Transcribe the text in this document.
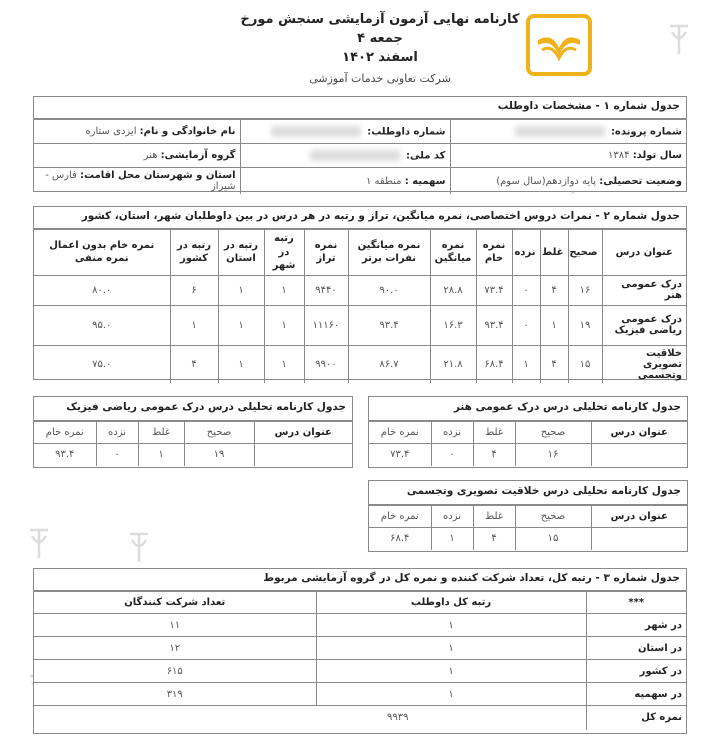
کارنامه نهایی آزمون آزمایشی سنجش مورخ جمعه ۴
اسفند ۱۴۰۲
شرکت تعاونی خدمات آموزشی
جدول شماره ۱ - مشخصات داوطلب
شماره پرونده:	شماره داوطلب:	نام خانوادگی و نام: ایزدی ستاره
سال تولد: ۱۳۸۴	کد ملی:	گروه آزمایشی: هنر
وضعیت تحصیلی: پایه دوازدهم(سال سوم)	سهمیه : منطقه ۱	استان و شهرستان محل اقامت: فارس - شیراز
جدول شماره ۲ - نمرات دروس اختصاصی، نمره میانگین، تراز و رتبه در هر درس در بین داوطلبان شهر، استان، کشور
عنوان درس	صحیح	غلط	نزده	نمره خام	نمره میانگین	نمره میانگین نفرات برتر	نمره تراز	رتبه در شهر	رتبه در استان	رتبه در کشور	نمره خام بدون اعمال نمره منفی
درک عمومی هنر	۱۶	۴	۰	۷۳.۴	۲۸.۸	۹۰.۰	۹۴۴۰	۱	۱	۶	۸۰.۰
درک عمومی ریاضی فیزیک	۱۹	۱	۰	۹۳.۴	۱۶.۳	۹۳.۴	۱۱۱۶۰	۱	۱	۱	۹۵.۰
خلاقیت تصویری وتجسمی	۱۵	۴	۱	۶۸.۴	۲۱.۸	۸۶.۷	۹۹۰۰	۱	۱	۴	۷۵.۰
جدول کارنامه تحلیلی درس درک عمومی ریاضی فیزیک
عنوان درس	صحیح	غلط	نزده	نمره خام
	۱۹	۱	۰	۹۳.۴
جدول کارنامه تحلیلی درس درک عمومی هنر
عنوان درس	صحیح	غلط	نزده	نمره خام
	۱۶	۴	۰	۷۳.۴
جدول کارنامه تحلیلی درس خلاقیت تصویری وتجسمی
عنوان درس	صحیح	غلط	نزده	نمره خام
	۱۵	۴	۱	۶۸.۴
جدول شماره ۳ - رتبه کل، تعداد شرکت کننده و نمره کل در گروه آزمایشی مربوط
***	رتبه کل داوطلب	تعداد شرکت کنندگان
در شهر	۱	۱۱
در استان	۱	۱۲
در کشور	۱	۶۱۵
در سهمیه	۱	۳۱۹
نمره کل	۹۹۳۹	
